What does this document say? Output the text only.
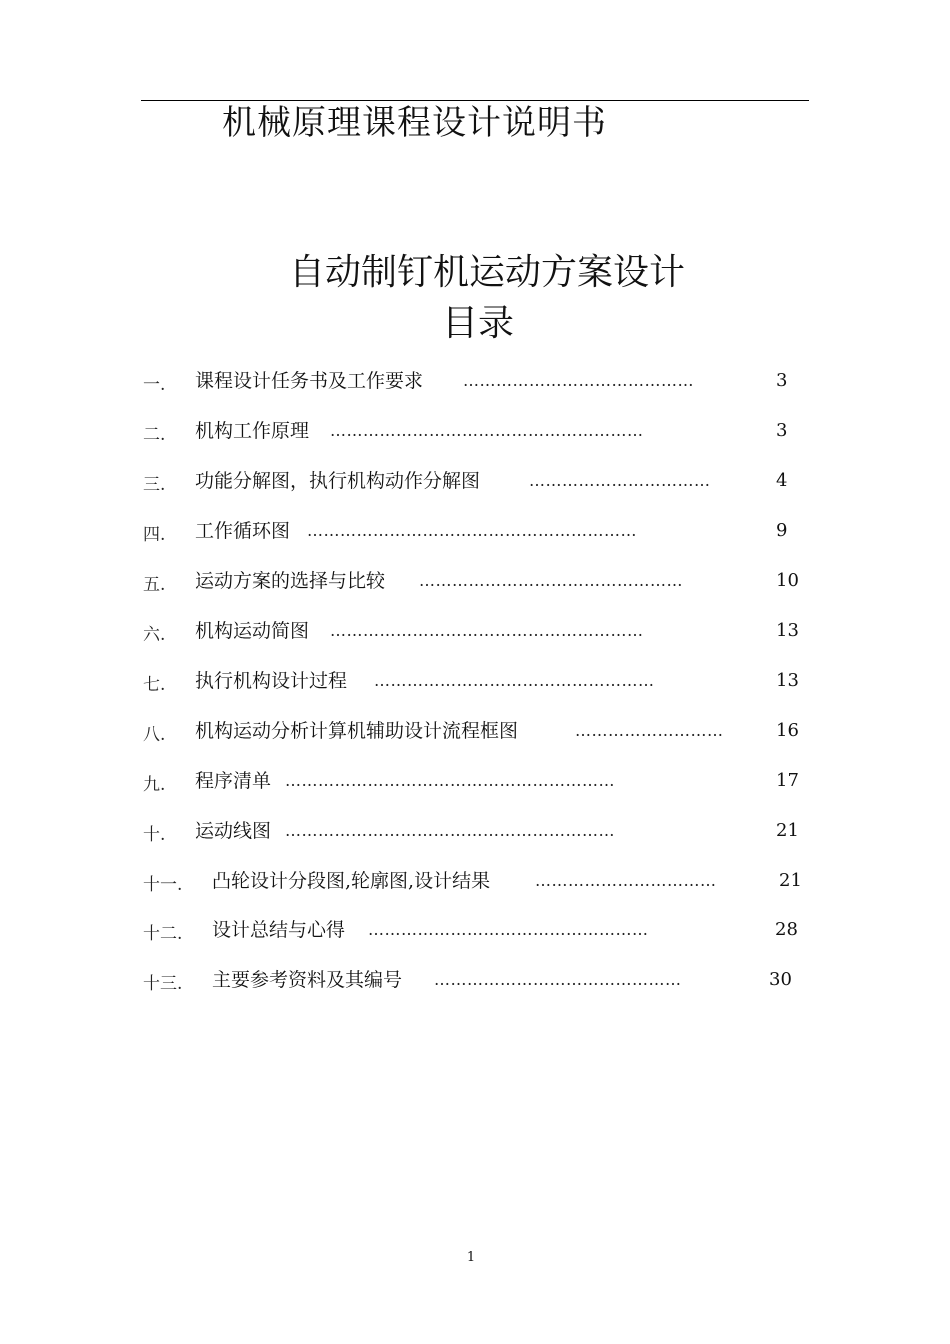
机械原理课程设计说明书
自动制钉机运动方案设计
目录
一. 课程设计任务书及工作要求 ……………………………………	3
二. 机构工作原理 …………………………………………………	3
三. 功能分解图，执行机构动作分解图	……………………………	4
四. 工作循环图 ……………………………………………………	9
五. 运动方案的选择与比较 …………………………………………	10
六. 机构运动简图 …………………………………………………	13
七. 执行机构设计过程 ……………………………………………	13
八. 机构运动分析计算机辅助设计流程框图	………………………	16
九. 程序清单 ……………………………………………………	17
十. 运动线图 ……………………………………………………	21
十一. 凸轮设计分段图,轮廓图,设计结果	……………………………	21
十二. 设计总结与心得 ……………………………………………	28
十三. 主要参考资料及其编号 ………………………………………	30
1
